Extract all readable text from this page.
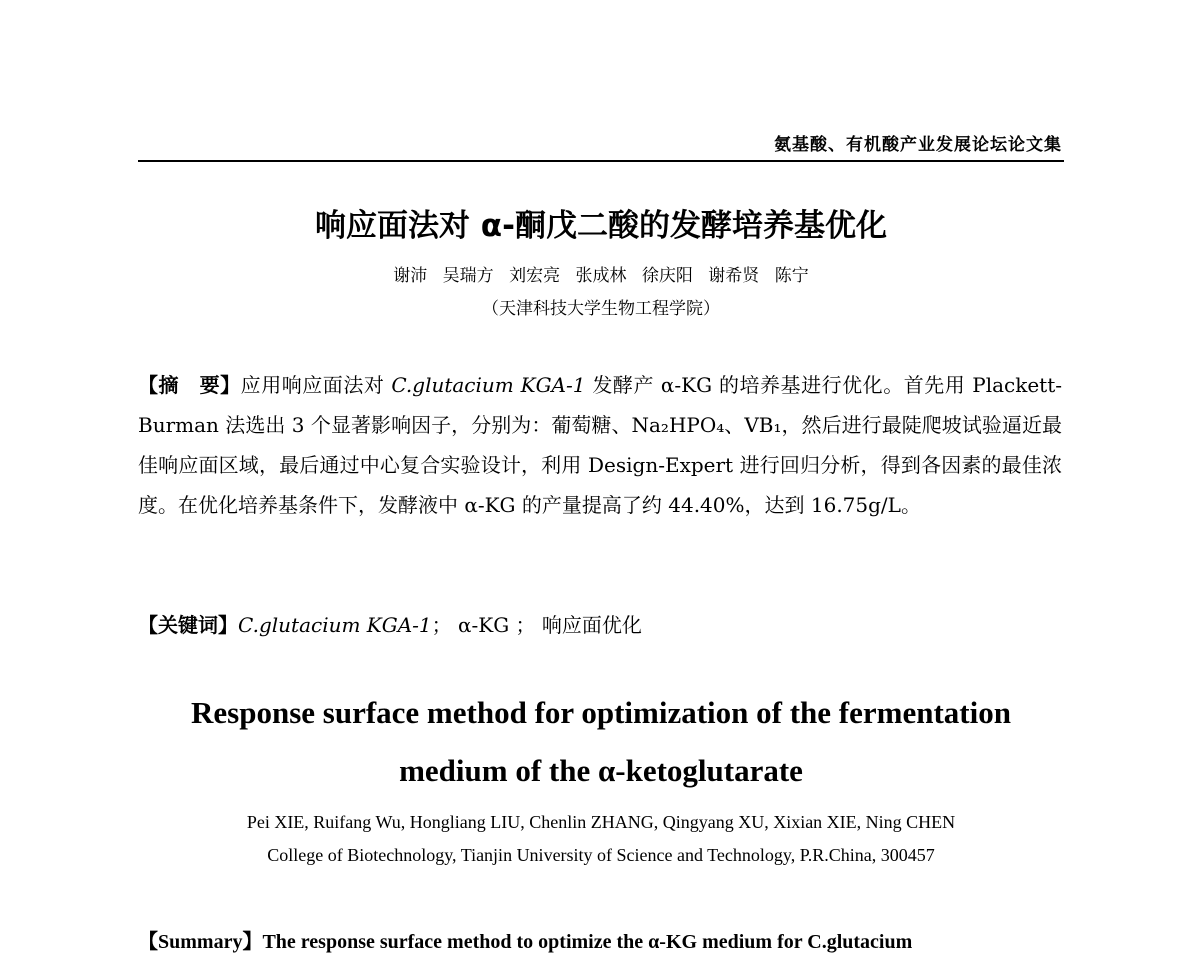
氨基酸、有机酸产业发展论坛论文集
响应面法对 α-酮戊二酸的发酵培养基优化
谢沛 吴瑞方 刘宏亮 张成林 徐庆阳 谢希贤 陈宁
（天津科技大学生物工程学院）
【摘　要】应用响应面法对 C.glutacium KGA-1 发酵产 α-KG 的培养基进行优化。首先用 Plackett-Burman 法选出 3 个显著影响因子，分别为：葡萄糖、Na₂HPO₄、VB₁，然后进行最陡爬坡试验逼近最佳响应面区域，最后通过中心复合实验设计，利用 Design-Expert 进行回归分析，得到各因素的最佳浓度。在优化培养基条件下，发酵液中 α-KG 的产量提高了约 44.40%，达到 16.75g/L。
【关键词】C.glutacium KGA-1； α-KG ； 响应面优化
Response surface method for optimization of the fermentation medium of the α-ketoglutarate
Pei XIE, Ruifang Wu, Hongliang LIU, Chenlin ZHANG, Qingyang XU, Xixian XIE, Ning CHEN
College of Biotechnology, Tianjin University of Science and Technology, P.R.China, 300457
【Summary】The response surface method to optimize the α-KG medium for C.glutacium
